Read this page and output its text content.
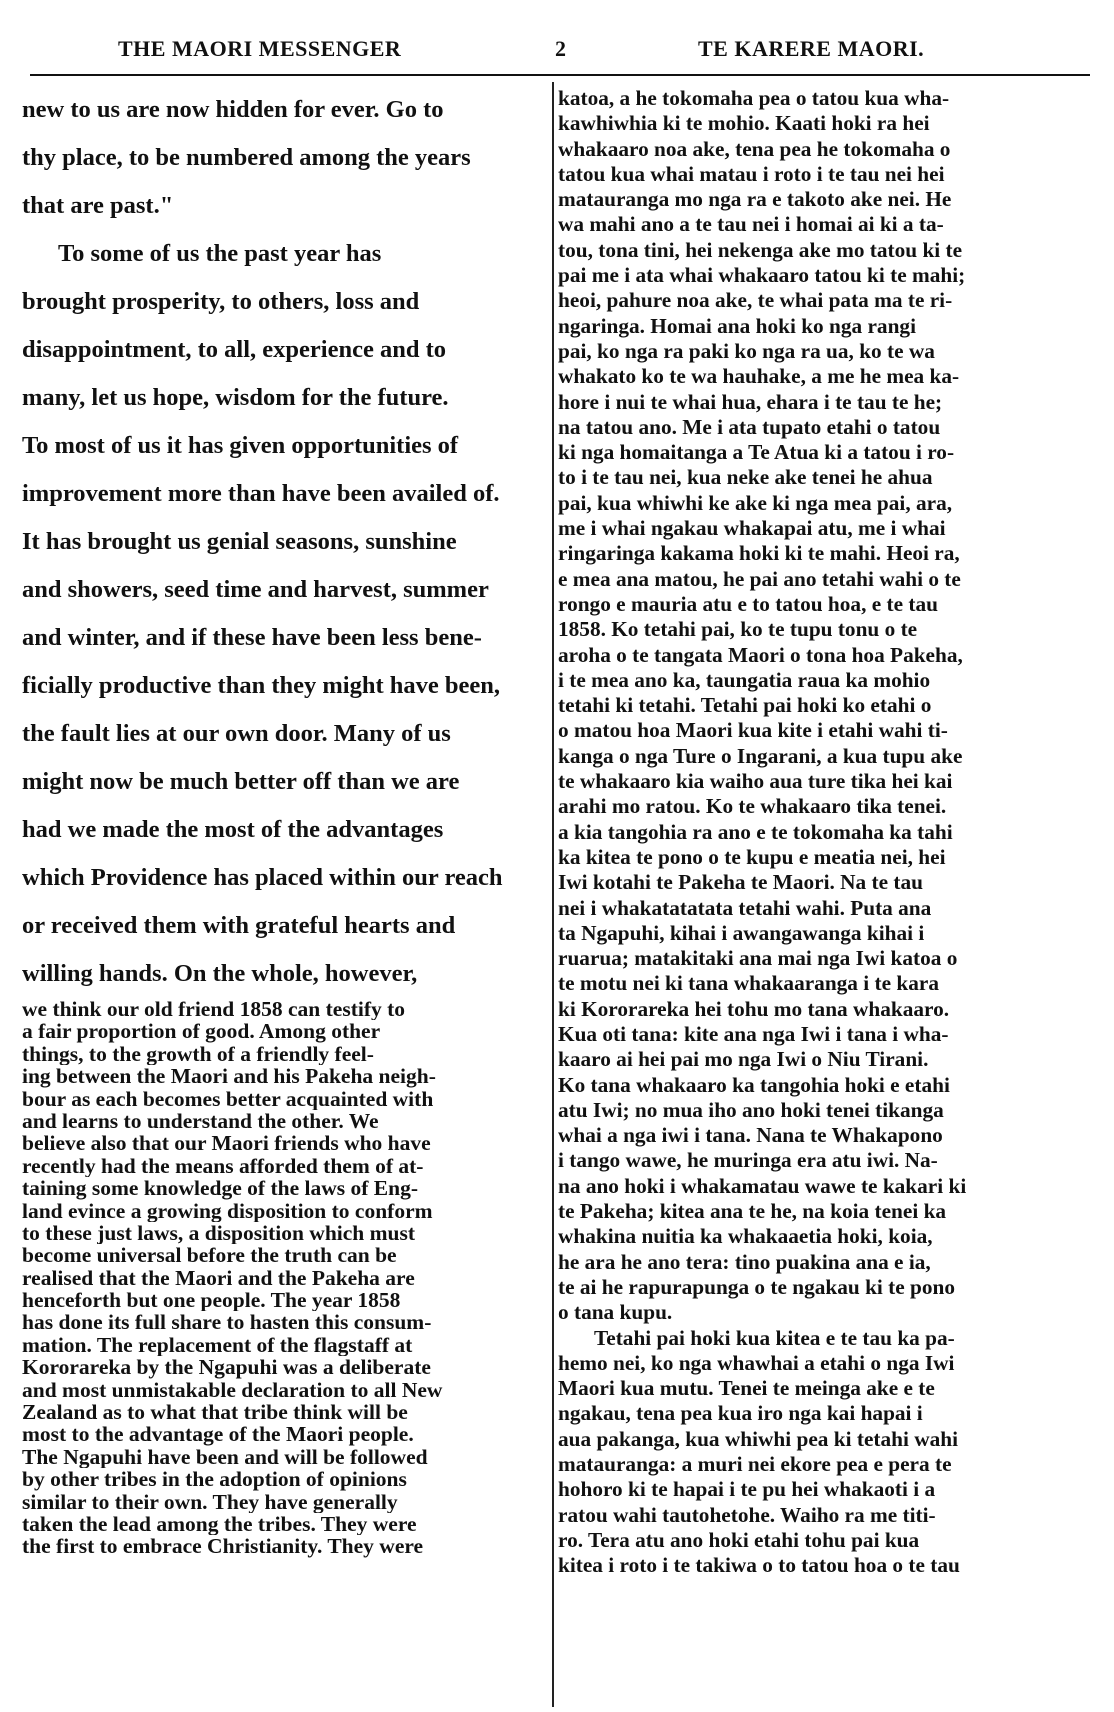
THE MAORI MESSENGER	2	TE KARERE MAORI.
new to us are now hidden for ever. Go to
thy place, to be numbered among the years
that are past."
To some of us the past year has
brought prosperity, to others, loss and
disappointment, to all, experience and to
many, let us hope, wisdom for the future.
To most of us it has given opportunities of
improvement more than have been availed of.
It has brought us genial seasons, sunshine
and showers, seed time and harvest, summer
and winter, and if these have been less bene-
ficially productive than they might have been,
the fault lies at our own door. Many of us
might now be much better off than we are
had we made the most of the advantages
which Providence has placed within our reach
or received them with grateful hearts and
willing hands. On the whole, however,
we think our old friend 1858 can testify to
a fair proportion of good. Among other
things, to the growth of a friendly feel-
ing between the Maori and his Pakeha neigh-
bour as each becomes better acquainted with
and learns to understand the other. We
believe also that our Maori friends who have
recently had the means afforded them of at-
taining some knowledge of the laws of Eng-
land evince a growing disposition to conform
to these just laws, a disposition which must
become universal before the truth can be
realised that the Maori and the Pakeha are
henceforth but one people. The year 1858
has done its full share to hasten this consum-
mation. The replacement of the flagstaff at
Kororareka by the Ngapuhi was a deliberate
and most unmistakable declaration to all New
Zealand as to what that tribe think will be
most to the advantage of the Maori people.
The Ngapuhi have been and will be followed
by other tribes in the adoption of opinions
similar to their own. They have generally
taken the lead among the tribes. They were
the first to embrace Christianity. They were
katoa, a he tokomaha pea o tatou kua wha-
kawhiwhia ki te mohio. Kaati hoki ra hei
whakaaro noa ake, tena pea he tokomaha o
tatou kua whai matau i roto i te tau nei hei
matauranga mo nga ra e takoto ake nei. He
wa mahi ano a te tau nei i homai ai ki a ta-
tou, tona tini, hei nekenga ake mo tatou ki te
pai me i ata whai whakaaro tatou ki te mahi;
heoi, pahure noa ake, te whai pata ma te ri-
ngaringa. Homai ana hoki ko nga rangi
pai, ko nga ra paki ko nga ra ua, ko te wa
whakato ko te wa hauhake, a me he mea ka-
hore i nui te whai hua, ehara i te tau te he;
na tatou ano. Me i ata tupato etahi o tatou
ki nga homaitanga a Te Atua ki a tatou i ro-
to i te tau nei, kua neke ake tenei he ahua
pai, kua whiwhi ke ake ki nga mea pai, ara,
me i whai ngakau whakapai atu, me i whai
ringaringa kakama hoki ki te mahi. Heoi ra,
e mea ana matou, he pai ano tetahi wahi o te
rongo e mauria atu e to tatou hoa, e te tau
1858. Ko tetahi pai, ko te tupu tonu o te
aroha o te tangata Maori o tona hoa Pakeha,
i te mea ano ka, taungatia raua ka mohio
tetahi ki tetahi. Tetahi pai hoki ko etahi o
o matou hoa Maori kua kite i etahi wahi ti-
kanga o nga Ture o Ingarani, a kua tupu ake
te whakaaro kia waiho aua ture tika hei kai
arahi mo ratou. Ko te whakaaro tika tenei.
a kia tangohia ra ano e te tokomaha ka tahi
ka kitea te pono o te kupu e meatia nei, hei
Iwi kotahi te Pakeha te Maori. Na te tau
nei i whakatatatata tetahi wahi. Puta ana
ta Ngapuhi, kihai i awangawanga kihai i
ruarua; matakitaki ana mai nga Iwi katoa o
te motu nei ki tana whakaaranga i te kara
ki Kororareka hei tohu mo tana whakaaro.
Kua oti tana: kite ana nga Iwi i tana i wha-
kaaro ai hei pai mo nga Iwi o Niu Tirani.
Ko tana whakaaro ka tangohia hoki e etahi
atu Iwi; no mua iho ano hoki tenei tikanga
whai a nga iwi i tana. Nana te Whakapono
i tango wawe, he muringa era atu iwi. Na-
na ano hoki i whakamatau wawe te kakari ki
te Pakeha; kitea ana te he, na koia tenei ka
whakina nuitia ka whakaaetia hoki, koia,
he ara he ano tera: tino puakina ana e ia,
te ai he rapurapunga o te ngakau ki te pono
o tana kupu.
Tetahi pai hoki kua kitea e te tau ka pa-
hemo nei, ko nga whawhai a etahi o nga Iwi
Maori kua mutu. Tenei te meinga ake e te
ngakau, tena pea kua iro nga kai hapai i
aua pakanga, kua whiwhi pea ki tetahi wahi
matauranga: a muri nei ekore pea e pera te
hohoro ki te hapai i te pu hei whakaoti i a
ratou wahi tautohetohe. Waiho ra me titi-
ro. Tera atu ano hoki etahi tohu pai kua
kitea i roto i te takiwa o to tatou hoa o te tau
